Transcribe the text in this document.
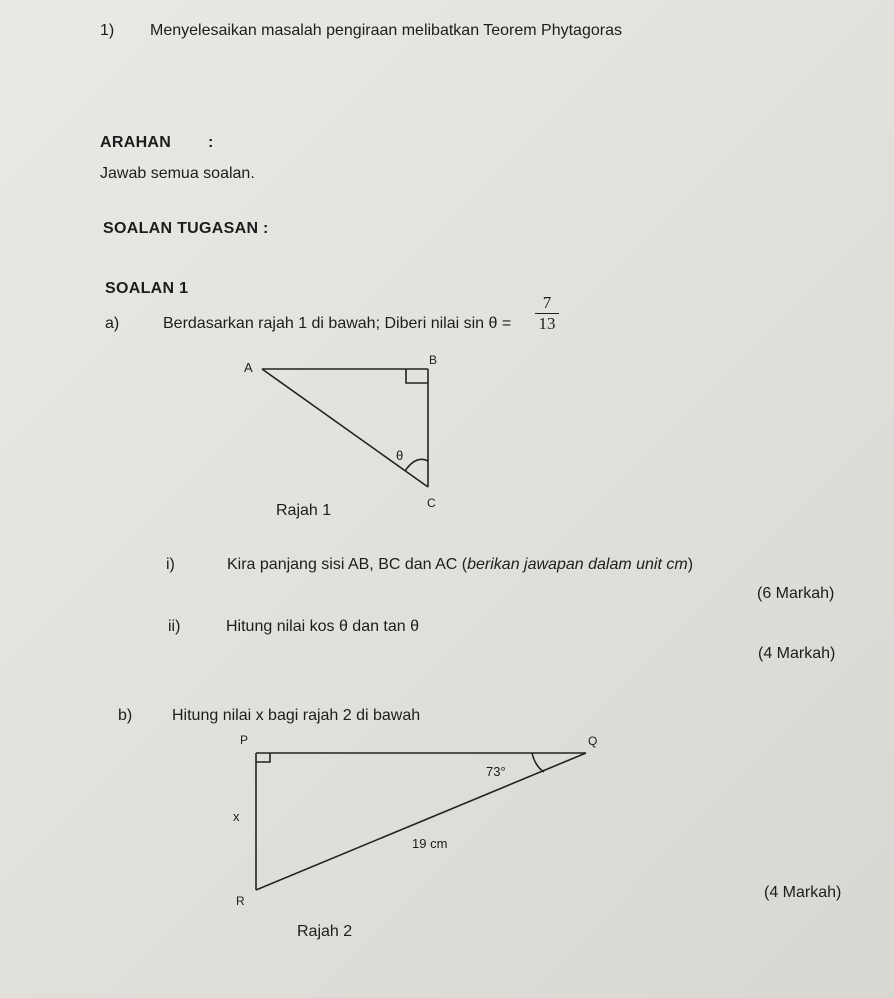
1) Menyelesaikan masalah pengiraan melibatkan Teorem Phytagoras
ARAHAN :
Jawab semua soalan.
SOALAN TUGASAN :
SOALAN 1
a)	Berdasarkan rajah 1 di bawah; Diberi nilai $\sin \theta = \frac{7}{13}$
A	B
C
θ
Rajah 1
P	Q
R
73°
x
19 cm
Rajah 2
i)	Kira panjang sisi AB, BC dan AC (berikan jawapan dalam unit cm)
(6 Markah)
ii)	Hitung nilai kos θ dan tan θ
(4 Markah)
b) Hitung nilai x bagi rajah 2 di bawah
(4 Markah)
